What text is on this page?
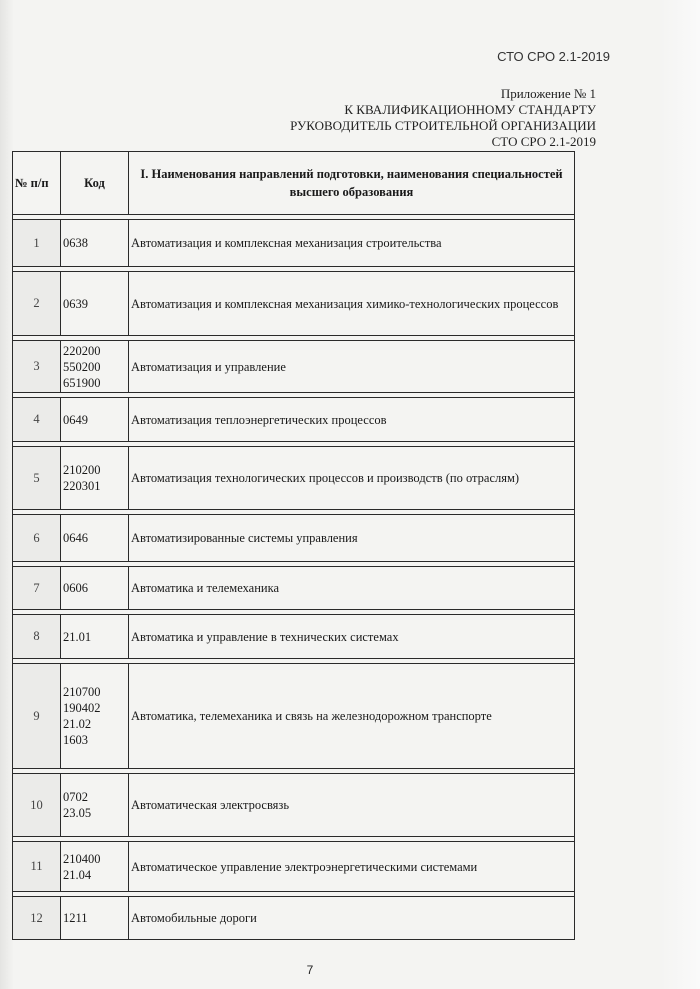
СТО СРО 2.1-2019
Приложение № 1
К КВАЛИФИКАЦИОННОМУ СТАНДАРТУ
РУКОВОДИТЕЛЬ СТРОИТЕЛЬНОЙ ОРГАНИЗАЦИИ
СТО СРО 2.1-2019
№ п/п	Код	I. Наименования направлений подготовки, наименования специальностей высшего образования

1	0638	Автоматизация и комплексная механизация строительства

2	0639	Автоматизация и комплексная механизация химико-технологических процессов

3	220200
550200
651900	Автоматизация и управление

4	0649	Автоматизация теплоэнергетических процессов

5	210200
220301	Автоматизация технологических процессов и производств (по отраслям)

6	0646	Автоматизированные системы управления

7	0606	Автоматика и телемеханика

8	21.01	Автоматика и управление в технических системах

9	210700
190402
21.02
1603	Автоматика, телемеханика и связь на железнодорожном транспорте

10	0702
23.05	Автоматическая электросвязь

11	210400
21.04	Автоматическое управление электроэнергетическими системами

12	1211	Автомобильные дороги
7
